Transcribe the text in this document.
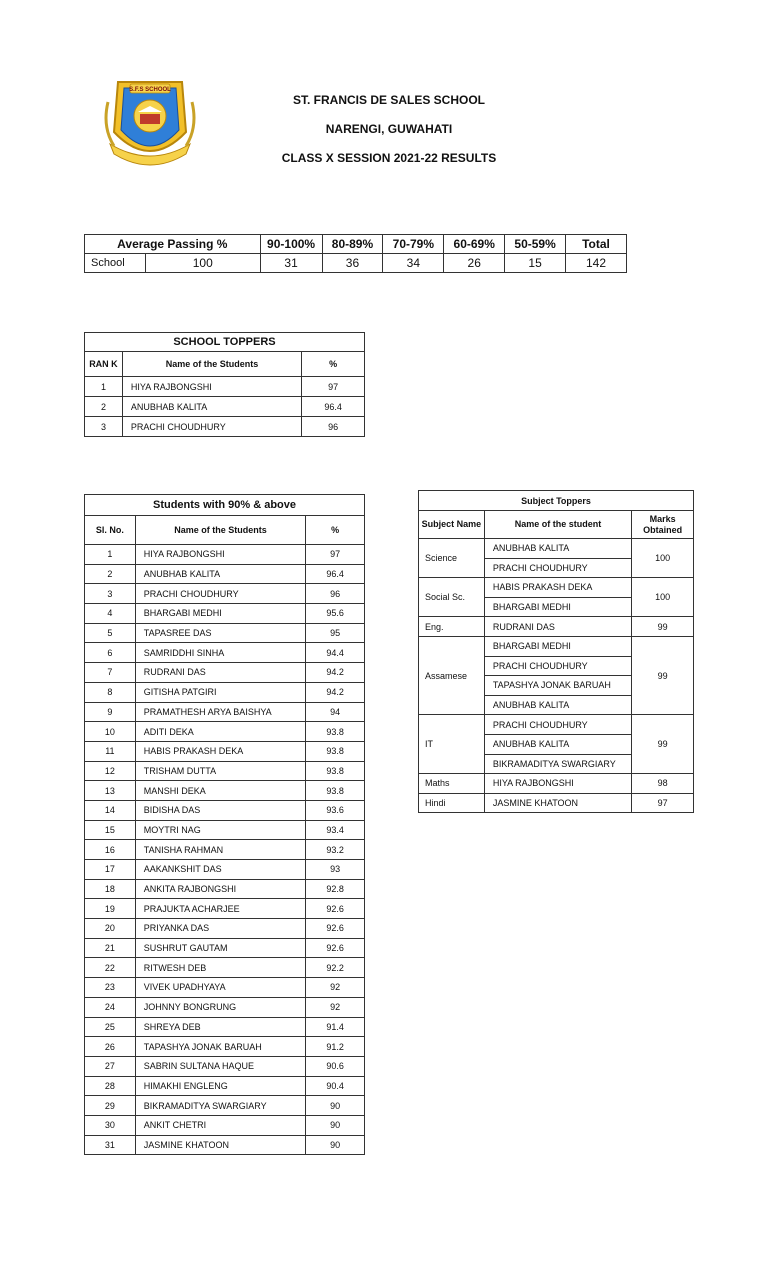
S.F.S SCHOOL
ST. FRANCIS DE SALES SCHOOL
NARENGI, GUWAHATI
CLASS X SESSION 2021-22 RESULTS
Average Passing %		90-100%	80-89%	70-79%	60-69%	50-59%	Total
School	100	31	36	34	26	15	142
SCHOOL TOPPERS		
RAN K	Name of the Students	%
1	HIYA RAJBONGSHI	97
2	ANUBHAB KALITA	96.4
3	PRACHI CHOUDHURY	96
Students with 90% & above		
Sl. No.	Name of the Students	%
1	HIYA RAJBONGSHI	97
2	ANUBHAB KALITA	96.4
3	PRACHI CHOUDHURY	96
4	BHARGABI MEDHI	95.6
5	TAPASREE DAS	95
6	SAMRIDDHI SINHA	94.4
7	RUDRANI DAS	94.2
8	GITISHA PATGIRI	94.2
9	PRAMATHESH ARYA BAISHYA	94
10	ADITI DEKA	93.8
11	HABIS PRAKASH DEKA	93.8
12	TRISHAM DUTTA	93.8
13	MANSHI DEKA	93.8
14	BIDISHA DAS	93.6
15	MOYTRI NAG	93.4
16	TANISHA RAHMAN	93.2
17	AAKANKSHIT DAS	93
18	ANKITA RAJBONGSHI	92.8
19	PRAJUKTA ACHARJEE	92.6
20	PRIYANKA DAS	92.6
21	SUSHRUT GAUTAM	92.6
22	RITWESH DEB	92.2
23	VIVEK UPADHYAYA	92
24	JOHNNY BONGRUNG	92
25	SHREYA DEB	91.4
26	TAPASHYA JONAK BARUAH	91.2
27	SABRIN SULTANA HAQUE	90.6
28	HIMAKHI ENGLENG	90.4
29	BIKRAMADITYA SWARGIARY	90
30	ANKIT CHETRI	90
31	JASMINE KHATOON	90
Subject Toppers		
Subject Name	Name of the student	Marks Obtained
Science	ANUBHAB KALITA	100
	PRACHI CHOUDHURY	
Social Sc.	HABIS PRAKASH DEKA	100
	BHARGABI MEDHI	
Eng.	RUDRANI DAS	99
Assamese	BHARGABI MEDHI	99
	PRACHI CHOUDHURY	
	TAPASHYA JONAK BARUAH	
	ANUBHAB KALITA	
IT	PRACHI CHOUDHURY	99
	ANUBHAB KALITA	
	BIKRAMADITYA SWARGIARY	
Maths	HIYA RAJBONGSHI	98
Hindi	JASMINE KHATOON	97
